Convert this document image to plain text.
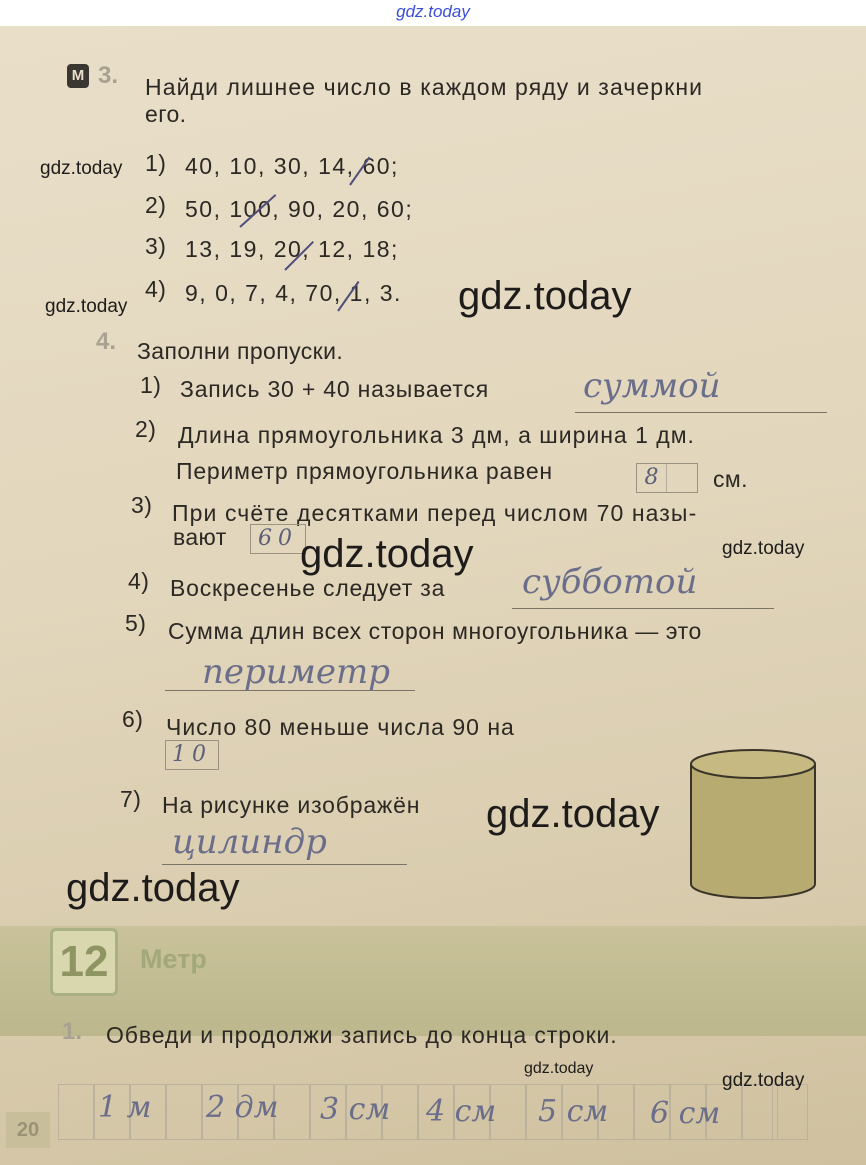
gdz.today
М 3. Найди лишнее число в каждом ряду и зачеркни
его.
1) 40, 10, 30, 14, 60;
2) 50, 100, 90, 20, 60;
3) 13, 19, 20, 12, 18;
4) 9, 0, 7, 4, 70, 1, 3.
4. Заполни пропуски.
1) Запись 30 + 40 называется	суммой
2) Длина прямоугольника 3 дм, а ширина 1 дм.
Периметр прямоугольника равен	8	см.
3) При счёте десятками перед числом 70 назы-
вают	60
4) Воскресенье следует за субботой
5) Сумма длин всех сторон многоугольника — это
периметр
6) Число 80 меньше числа 90 на
10
7) На рисунке изображён
цилиндр
12	Метр
1. Обведи и продолжи запись до конца строки.
1 м 2 дм 3 см 4 см 5 см 6 см
20
gdz.today
gdz.today	gdz.today
gdz.today	gdz.today
gdz.today
gdz.today
gdz.today
gdz.today
